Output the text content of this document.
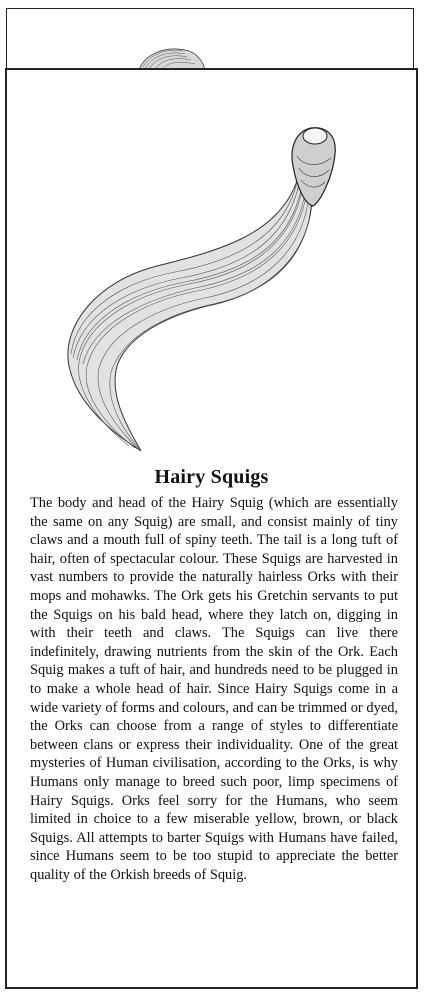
Hairy Squigs
The body and head of the Hairy Squig (which are essentially the same on any Squig) are small, and consist mainly of tiny claws and a mouth full of spiny teeth. The tail is a long tuft of hair, often of spectacular colour. These Squigs are harvested in vast numbers to provide the naturally hairless Orks with their mops and mohawks. The Ork gets his Gretchin servants to put the Squigs on his bald head, where they latch on, digging in with their teeth and claws. The Squigs can live there indefinitely, drawing nutrients from the skin of the Ork. Each Squig makes a tuft of hair, and hundreds need to be plugged in to make a whole head of hair. Since Hairy Squigs come in a wide variety of forms and colours, and can be trimmed or dyed, the Orks can choose from a range of styles to differentiate between clans or express their individuality. One of the great mysteries of Human civilisation, according to the Orks, is why Humans only manage to breed such poor, limp specimens of Hairy Squigs. Orks feel sorry for the Humans, who seem limited in choice to a few miserable yellow, brown, or black Squigs. All attempts to barter Squigs with Humans have failed, since Humans seem to be too stupid to appreciate the better quality of the Orkish breeds of Squig.
